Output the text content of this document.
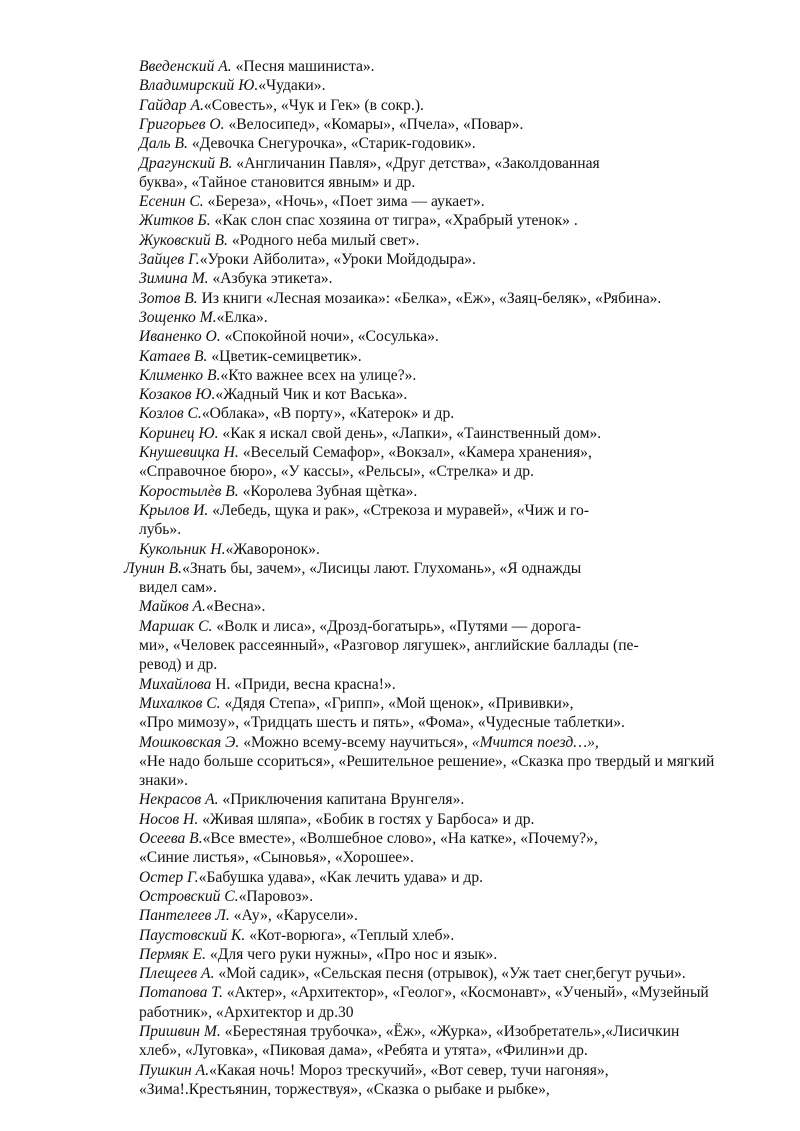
Введенский А. «Песня машиниста».
Владимирский Ю.«Чудаки».
Гайдар А.«Совесть», «Чук и Гек» (в сокр.).
Григорьев О. «Велосипед», «Комары», «Пчела», «Повар».
Даль В. «Девочка Снегурочка», «Старик-годовик».
Драгунский В. «Англичанин Павля», «Друг детства», «Заколдованная
буква», «Тайное становится явным» и др.
Есенин С. «Береза», «Ночь», «Поет зима — аукает».
Житков Б. «Как слон спас хозяина от тигра», «Храбрый утенок» .
Жуковский В. «Родного неба милый свет».
Зайцев Г.«Уроки Айболита», «Уроки Мойдодыра».
Зимина М. «Азбука этикета».
Зотов В. Из книги «Лесная мозаика»: «Белка», «Еж», «Заяц-беляк», «Рябина».
Зощенко М.«Елка».
Иваненко О. «Спокойной ночи», «Сосулька».
Катаев В. «Цветик-семицветик».
Клименко В.«Кто важнее всех на улице?».
Козаков Ю.«Жадный Чик и кот Васька».
Козлов С.«Облака», «В порту», «Катерок» и др.
Коринец Ю. «Как я искал свой день», «Лапки», «Таинственный дом».
Кнушевицка Н. «Веселый Семафор», «Вокзал», «Камера хранения»,
«Справочное бюро», «У кассы», «Рельсы», «Стрелка» и др.
Коростылѐв В. «Королева Зубная щѐтка».
Крылов И. «Лебедь, щука и рак», «Стрекоза и муравей», «Чиж и го-
лубь».
Кукольник Н.«Жаворонок».
Лунин В.«Знать бы, зачем», «Лисицы лают. Глухомань», «Я однажды
видел сам».
Майков А.«Весна».
Маршак С. «Волк и лиса», «Дрозд-богатырь», «Путями — дорога-
ми», «Человек рассеянный», «Разговор лягушек», английские баллады (пе-
ревод) и др.
Михайлова Н. «Приди, весна красна!».
Михалков С. «Дядя Степа», «Грипп», «Мой щенок», «Прививки»,
«Про мимозу», «Тридцать шесть и пять», «Фома», «Чудесные таблетки».
Мошковская Э. «Можно всему-всему научиться», «Мчится поезд…»,
«Не надо больше ссориться», «Решительное решение», «Сказка про твердый и мягкий
знаки».
Некрасов А. «Приключения капитана Врунгеля».
Носов Н. «Живая шляпа», «Бобик в гостях у Барбоса» и др.
Осеева В.«Все вместе», «Волшебное слово», «На катке», «Почему?»,
«Синие листья», «Сыновья», «Хорошее».
Остер Г.«Бабушка удава», «Как лечить удава» и др.
Островский С.«Паровоз».
Пантелеев Л. «Ау», «Карусели».
Паустовский К. «Кот-ворюга», «Теплый хлеб».
Пермяк Е. «Для чего руки нужны», «Про нос и язык».
Плещеев А. «Мой садик», «Сельская песня (отрывок), «Уж тает снег,бегут ручьи».
Потапова Т. «Актер», «Архитектор», «Геолог», «Космонавт», «Ученый», «Музейный
работник», «Архитектор и др.30
Пришвин М. «Берестяная трубочка», «Ёж», «Журка», «Изобретатель»,«Лисичкин
хлеб», «Луговка», «Пиковая дама», «Ребята и утята», «Филин»и др.
Пушкин А.«Какая ночь! Мороз трескучий», «Вот север, тучи нагоняя»,
«Зима!.Крестьянин, торжествуя», «Сказка о рыбаке и рыбке»,
